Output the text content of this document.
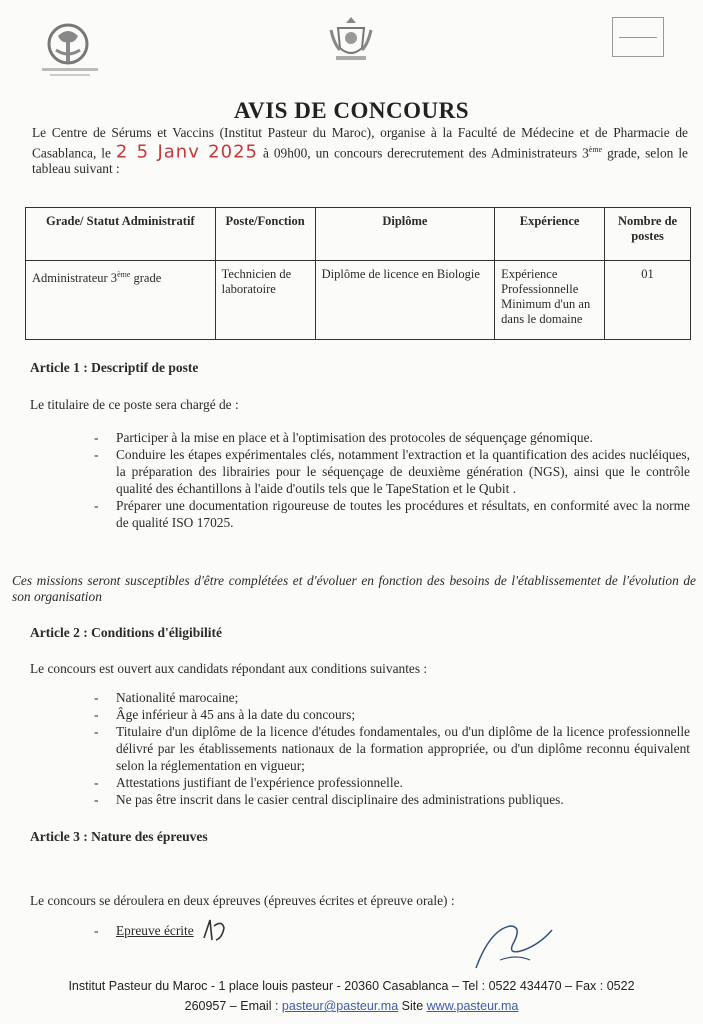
AVIS DE CONCOURS
Le Centre de Sérums et Vaccins (Institut Pasteur du Maroc), organise à la Faculté de Médecine et de Pharmacie de Casablanca, le 2 5 Janv 2025 à 09h00, un concours derecrutement des Administrateurs 3ème grade, selon le tableau suivant :
Grade/ Statut Administratif	Poste/Fonction	Diplôme	Expérience	Nombre de postes
Administrateur 3ème grade	Technicien de laboratoire	Diplôme de licence en Biologie	Expérience Professionnelle Minimum d'un an dans le domaine	01
Article 1 : Descriptif de poste
Le titulaire de ce poste sera chargé de :
- Participer à la mise en place et à l'optimisation des protocoles de séquençage génomique.
- Conduire les étapes expérimentales clés, notamment l'extraction et la quantification des acides nucléiques, la préparation des librairies pour le séquençage de deuxième génération (NGS), ainsi que le contrôle qualité des échantillons à l'aide d'outils tels que le TapeStation et le Qubit .
- Préparer une documentation rigoureuse de toutes les procédures et résultats, en conformité avec la norme de qualité ISO 17025.
Ces missions seront susceptibles d'être complétées et d'évoluer en fonction des besoins de l'établissementet de l'évolution de son organisation
Article 2 : Conditions d'éligibilité
Le concours est ouvert aux candidats répondant aux conditions suivantes :
- Nationalité marocaine;
- Âge inférieur à 45 ans à la date du concours;
- Titulaire d'un diplôme de la licence d'études fondamentales, ou d'un diplôme de la licence professionnelle délivré par les établissements nationaux de la formation appropriée, ou d'un diplôme reconnu équivalent selon la réglementation en vigueur;
- Attestations justifiant de l'expérience professionnelle.
- Ne pas être inscrit dans le casier central disciplinaire des administrations publiques.
Article 3 : Nature des épreuves
Le concours se déroulera en deux épreuves (épreuves écrites et épreuve orale) :
- Epreuve écrite
Institut Pasteur du Maroc - 1 place louis pasteur - 20360 Casablanca – Tel : 0522 434470 – Fax : 0522
260957 – Email : pasteur@pasteur.ma Site www.pasteur.ma
